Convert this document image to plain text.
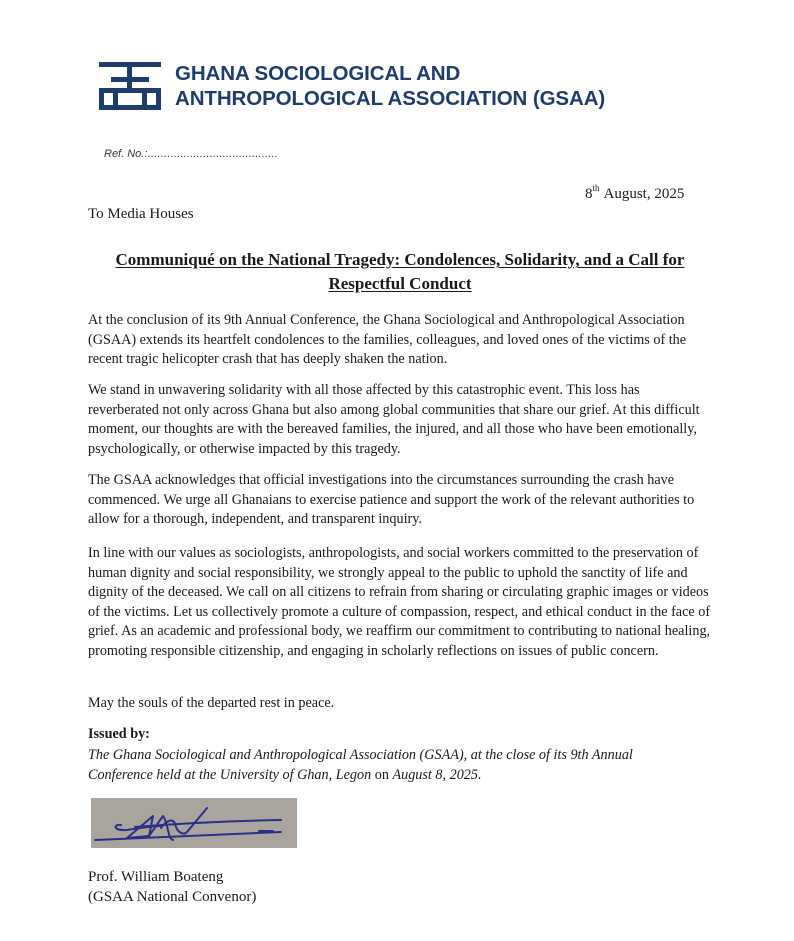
GHANA SOCIOLOGICAL AND
ANTHROPOLOGICAL ASSOCIATION (GSAA)
Ref. No.:........................................
8th August, 2025
To Media Houses
Communiqué on the National Tragedy: Condolences, Solidarity, and a Call for Respectful Conduct

At the conclusion of its 9th Annual Conference, the Ghana Sociological and Anthropological Association (GSAA) extends its heartfelt condolences to the families, colleagues, and loved ones of the victims of the recent tragic helicopter crash that has deeply shaken the nation.

We stand in unwavering solidarity with all those affected by this catastrophic event. This loss has reverberated not only across Ghana but also among global communities that share our grief. At this difficult moment, our thoughts are with the bereaved families, the injured, and all those who have been emotionally, psychologically, or otherwise impacted by this tragedy.

The GSAA acknowledges that official investigations into the circumstances surrounding the crash have commenced. We urge all Ghanaians to exercise patience and support the work of the relevant authorities to allow for a thorough, independent, and transparent inquiry.

In line with our values as sociologists, anthropologists, and social workers committed to the preservation of human dignity and social responsibility, we strongly appeal to the public to uphold the sanctity of life and dignity of the deceased. We call on all citizens to refrain from sharing or circulating graphic images or videos of the victims. Let us collectively promote a culture of compassion, respect, and ethical conduct in the face of grief. As an academic and professional body, we reaffirm our commitment to contributing to national healing, promoting responsible citizenship, and engaging in scholarly reflections on issues of public concern.

May the souls of the departed rest in peace.

Issued by:
The Ghana Sociological and Anthropological Association (GSAA), at the close of its 9th Annual Conference held at the University of Ghan, Legon on August 8, 2025.
Prof. William Boateng
(GSAA National Convenor)
